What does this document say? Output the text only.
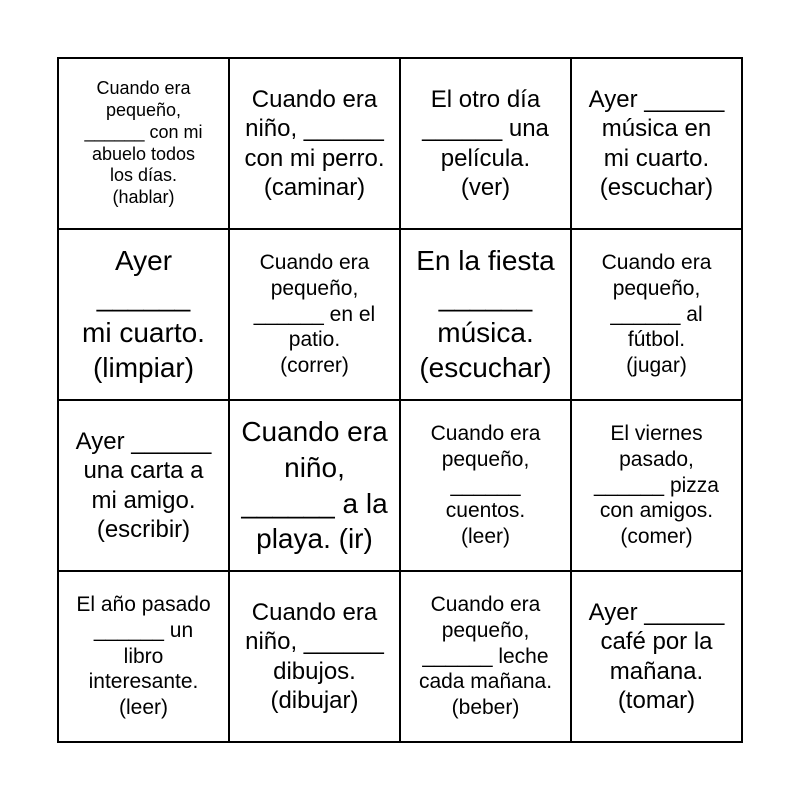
Cuando era
pequeño,
______ con mi
abuelo todos
los días.
(hablar)
Cuando era
niño, ______
con mi perro.
(caminar)
El otro día
______ una
película.
(ver)
Ayer ______
música en
mi cuarto.
(escuchar)
Ayer
______
mi cuarto.
(limpiar)
Cuando era
pequeño,
______ en el
patio.
(correr)
En la fiesta
______
música.
(escuchar)
Cuando era
pequeño,
______ al
fútbol.
(jugar)
Ayer ______
una carta a
mi amigo.
(escribir)
Cuando era
niño,
______ a la
playa. (ir)
Cuando era
pequeño,
______
cuentos.
(leer)
El viernes
pasado,
______ pizza
con amigos.
(comer)
El año pasado
______ un
libro
interesante.
(leer)
Cuando era
niño, ______
dibujos.
(dibujar)
Cuando era
pequeño,
______ leche
cada mañana.
(beber)
Ayer ______
café por la
mañana.
(tomar)
